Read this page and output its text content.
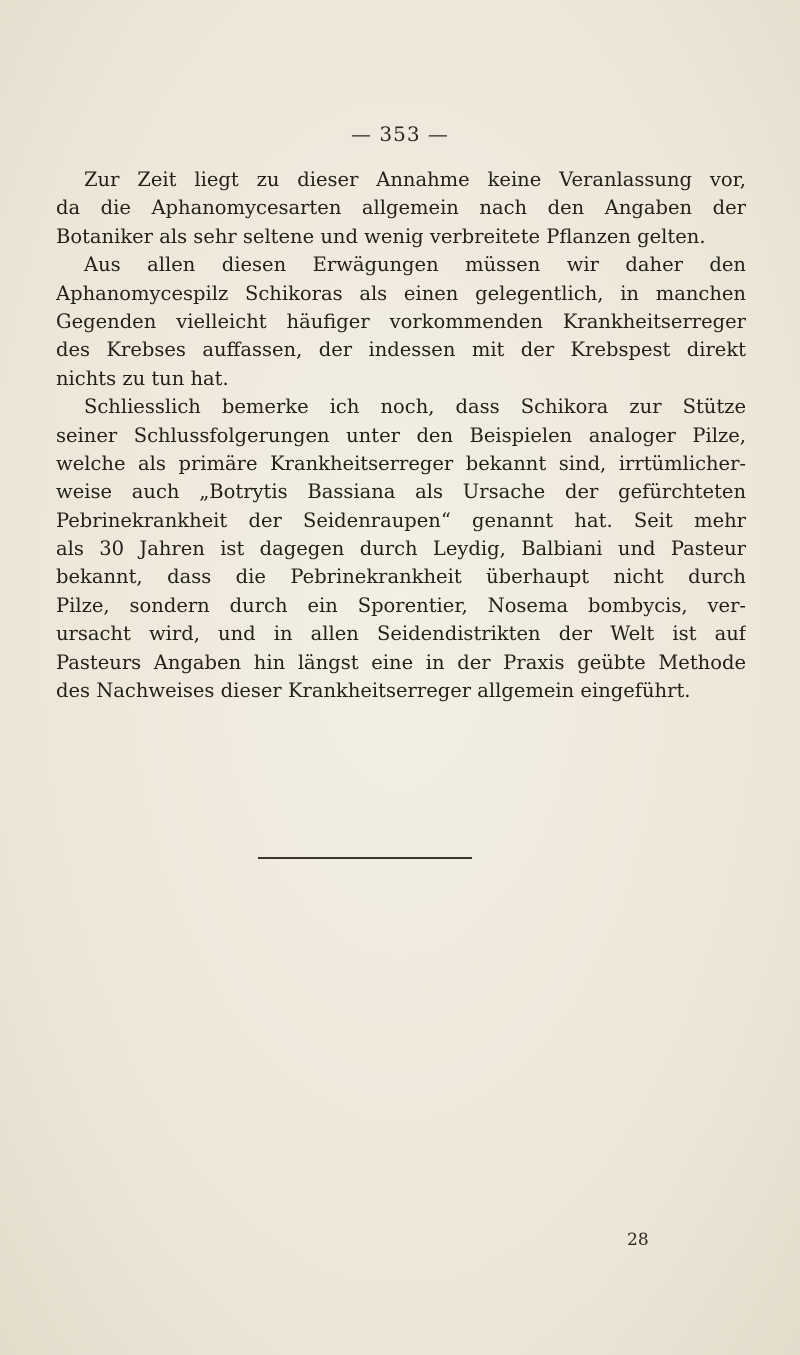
— 353 —
Zur Zeit liegt zu dieser Annahme keine Veranlassung vor,
da die Aphanomycesarten allgemein nach den Angaben der
Botaniker als sehr seltene und wenig verbreitete Pflanzen gelten.
Aus allen diesen Erwägungen müssen wir daher den
Aphanomycespilz Schikoras als einen gelegentlich, in manchen
Gegenden vielleicht häufiger vorkommenden Krankheitserreger
des Krebses auffassen, der indessen mit der Krebspest direkt
nichts zu tun hat.
Schliesslich bemerke ich noch, dass Schikora zur Stütze
seiner Schlussfolgerungen unter den Beispielen analoger Pilze,
welche als primäre Krankheitserreger bekannt sind, irrtümlicher-
weise auch „Botrytis Bassiana als Ursache der gefürchteten
Pebrinekrankheit der Seidenraupen“ genannt hat. Seit mehr
als 30 Jahren ist dagegen durch Leydig, Balbiani und Pasteur
bekannt, dass die Pebrinekrankheit überhaupt nicht durch
Pilze, sondern durch ein Sporentier, Nosema bombycis, ver-
ursacht wird, und in allen Seidendistrikten der Welt ist auf
Pasteurs Angaben hin längst eine in der Praxis geübte Methode
des Nachweises dieser Krankheitserreger allgemein eingeführt.
28
